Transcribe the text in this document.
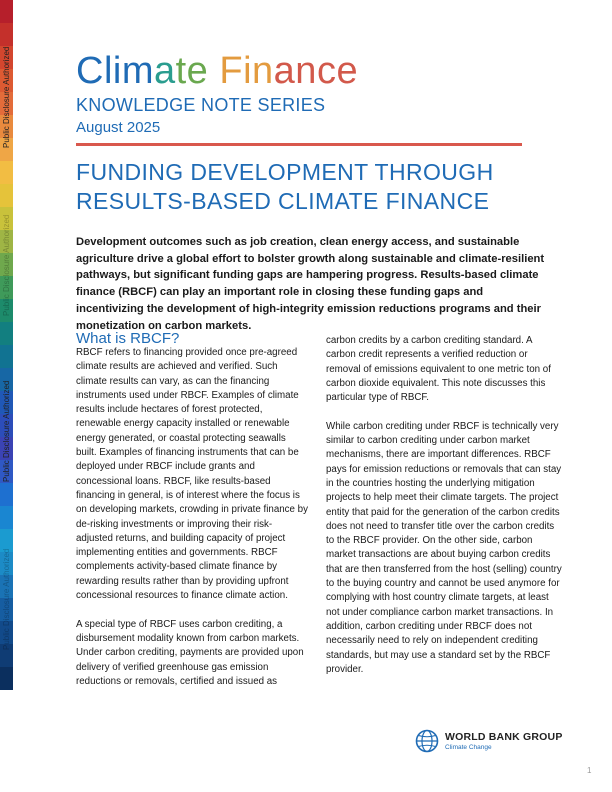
Public Disclosure Authorized
Public Disclosure Authorized
Public Disclosure Authorized
Public Disclosure Authorized
Climate Finance
KNOWLEDGE NOTE SERIES
August 2025
FUNDING DEVELOPMENT THROUGH RESULTS-BASED CLIMATE FINANCE
Development outcomes such as job creation, clean energy access, and sustainable agriculture drive a global effort to bolster growth along sustainable and climate-resilient pathways, but significant funding gaps are hampering progress. Results-based climate finance (RBCF) can play an important role in closing these funding gaps and incentivizing the development of high-integrity emission reductions programs and their monetization on carbon markets.
What is RBCF?

RBCF refers to financing provided once pre-agreed climate results are achieved and verified. Such climate results can vary, as can the financing instruments used under RBCF. Examples of climate results include hectares of forest protected, renewable energy capacity installed or renewable energy generated, or coastal protecting seawalls built. Examples of financing instruments that can be deployed under RBCF include grants and concessional loans. RBCF, like results-based financing in general, is of interest where the focus is on developing markets, crowding in private finance by de-risking investments or improving their risk-adjusted returns, and building capacity of project implementing entities and governments. RBCF complements activity-based climate finance by rewarding results rather than by providing upfront concessional resources to finance climate action.

A special type of RBCF uses carbon crediting, a disbursement modality known from carbon markets. Under carbon crediting, payments are provided upon delivery of verified greenhouse gas emission reductions or removals, certified and issued as

carbon credits by a carbon crediting standard. A carbon credit represents a verified reduction or removal of emissions equivalent to one metric ton of carbon dioxide equivalent. This note discusses this particular type of RBCF.

While carbon crediting under RBCF is technically very similar to carbon crediting under carbon market mechanisms, there are important differences. RBCF pays for emission reductions or removals that can stay in the countries hosting the underlying mitigation projects to help meet their climate targets. The project entity that paid for the generation of the carbon credits does not need to transfer title over the carbon credits to the RBCF provider. On the other side, carbon market transactions are about buying carbon credits that are then transferred from the host (selling) country to the buying country and cannot be used anymore for complying with host country climate targets, at least not under compliance carbon market transactions. In addition, carbon crediting under RBCF does not necessarily need to rely on independent crediting standards, but may use a standard set by the RBCF provider.

WORLD BANK GROUP
Climate Change
1
